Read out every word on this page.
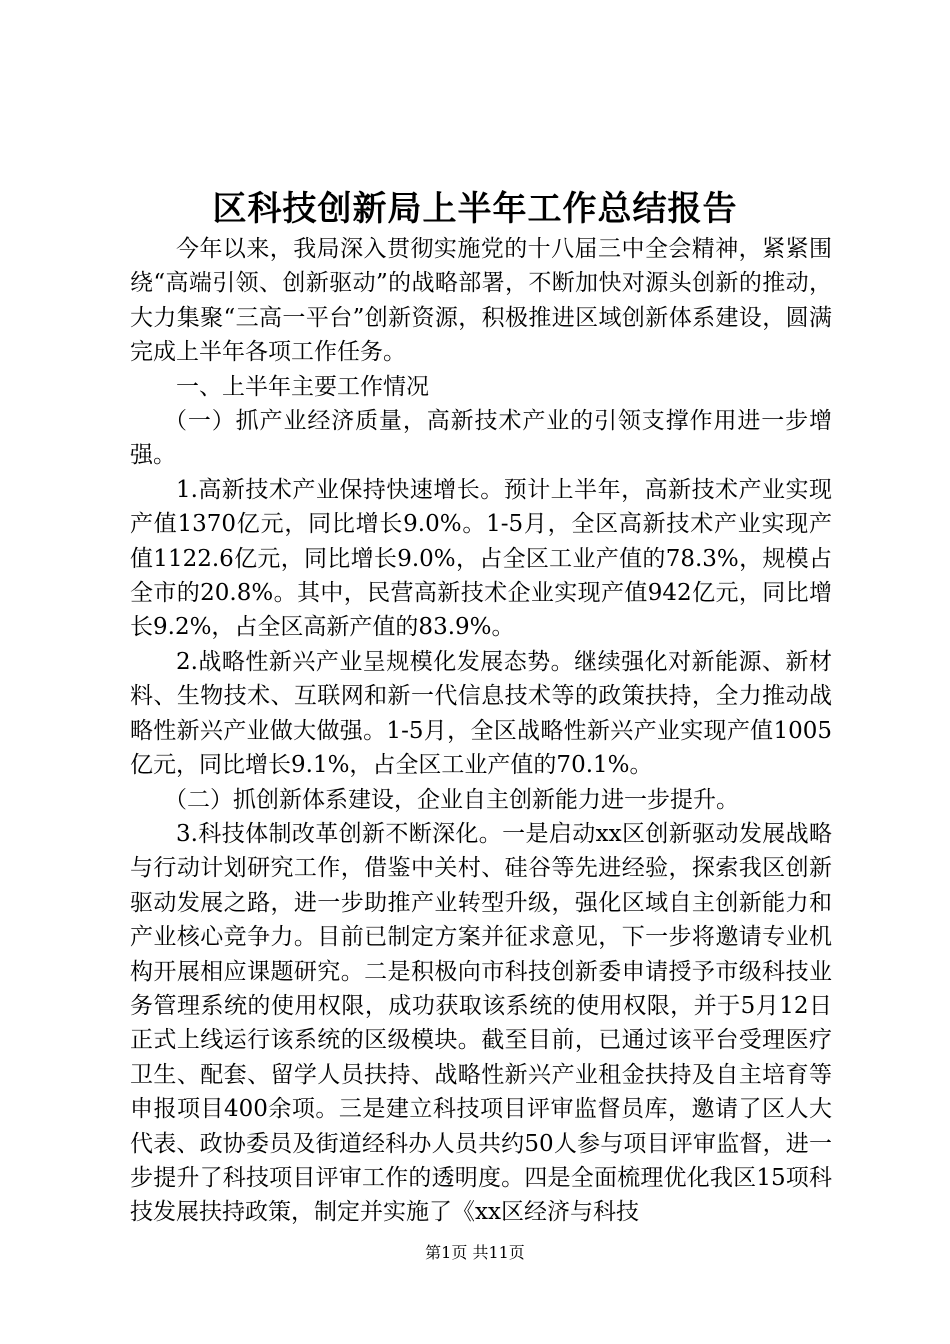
区科技创新局上半年工作总结报告

今年以来，我局深入贯彻实施党的十八届三中全会精神，紧紧围绕“高端引领、创新驱动”的战略部署，不断加快对源头创新的推动，大力集聚“三高一平台”创新资源，积极推进区域创新体系建设，圆满完成上半年各项工作任务。

一、上半年主要工作情况

（一）抓产业经济质量，高新技术产业的引领支撑作用进一步增强。

1.高新技术产业保持快速增长。预计上半年，高新技术产业实现产值1370亿元，同比增长9.0%。1-5月，全区高新技术产业实现产值1122.6亿元，同比增长9.0%，占全区工业产值的78.3%，规模占全市的20.8%。其中，民营高新技术企业实现产值942亿元，同比增长9.2%，占全区高新产值的83.9%。

2.战略性新兴产业呈规模化发展态势。继续强化对新能源、新材料、生物技术、互联网和新一代信息技术等的政策扶持，全力推动战略性新兴产业做大做强。1-5月，全区战略性新兴产业实现产值1005亿元，同比增长9.1%，占全区工业产值的70.1%。

（二）抓创新体系建设，企业自主创新能力进一步提升。

3.科技体制改革创新不断深化。一是启动xx区创新驱动发展战略与行动计划研究工作，借鉴中关村、硅谷等先进经验，探索我区创新驱动发展之路，进一步助推产业转型升级，强化区域自主创新能力和产业核心竞争力。目前已制定方案并征求意见，下一步将邀请专业机构开展相应课题研究。二是积极向市科技创新委申请授予市级科技业务管理系统的使用权限，成功获取该系统的使用权限，并于5月12日正式上线运行该系统的区级模块。截至目前，已通过该平台受理医疗卫生、配套、留学人员扶持、战略性新兴产业租金扶持及自主培育等申报项目400余项。三是建立科技项目评审监督员库，邀请了区人大代表、政协委员及街道经科办人员共约50人参与项目评审监督，进一步提升了科技项目评审工作的透明度。四是全面梳理优化我区15项科技发展扶持政策，制定并实施了《xx区经济与科技

第1页 共11页
